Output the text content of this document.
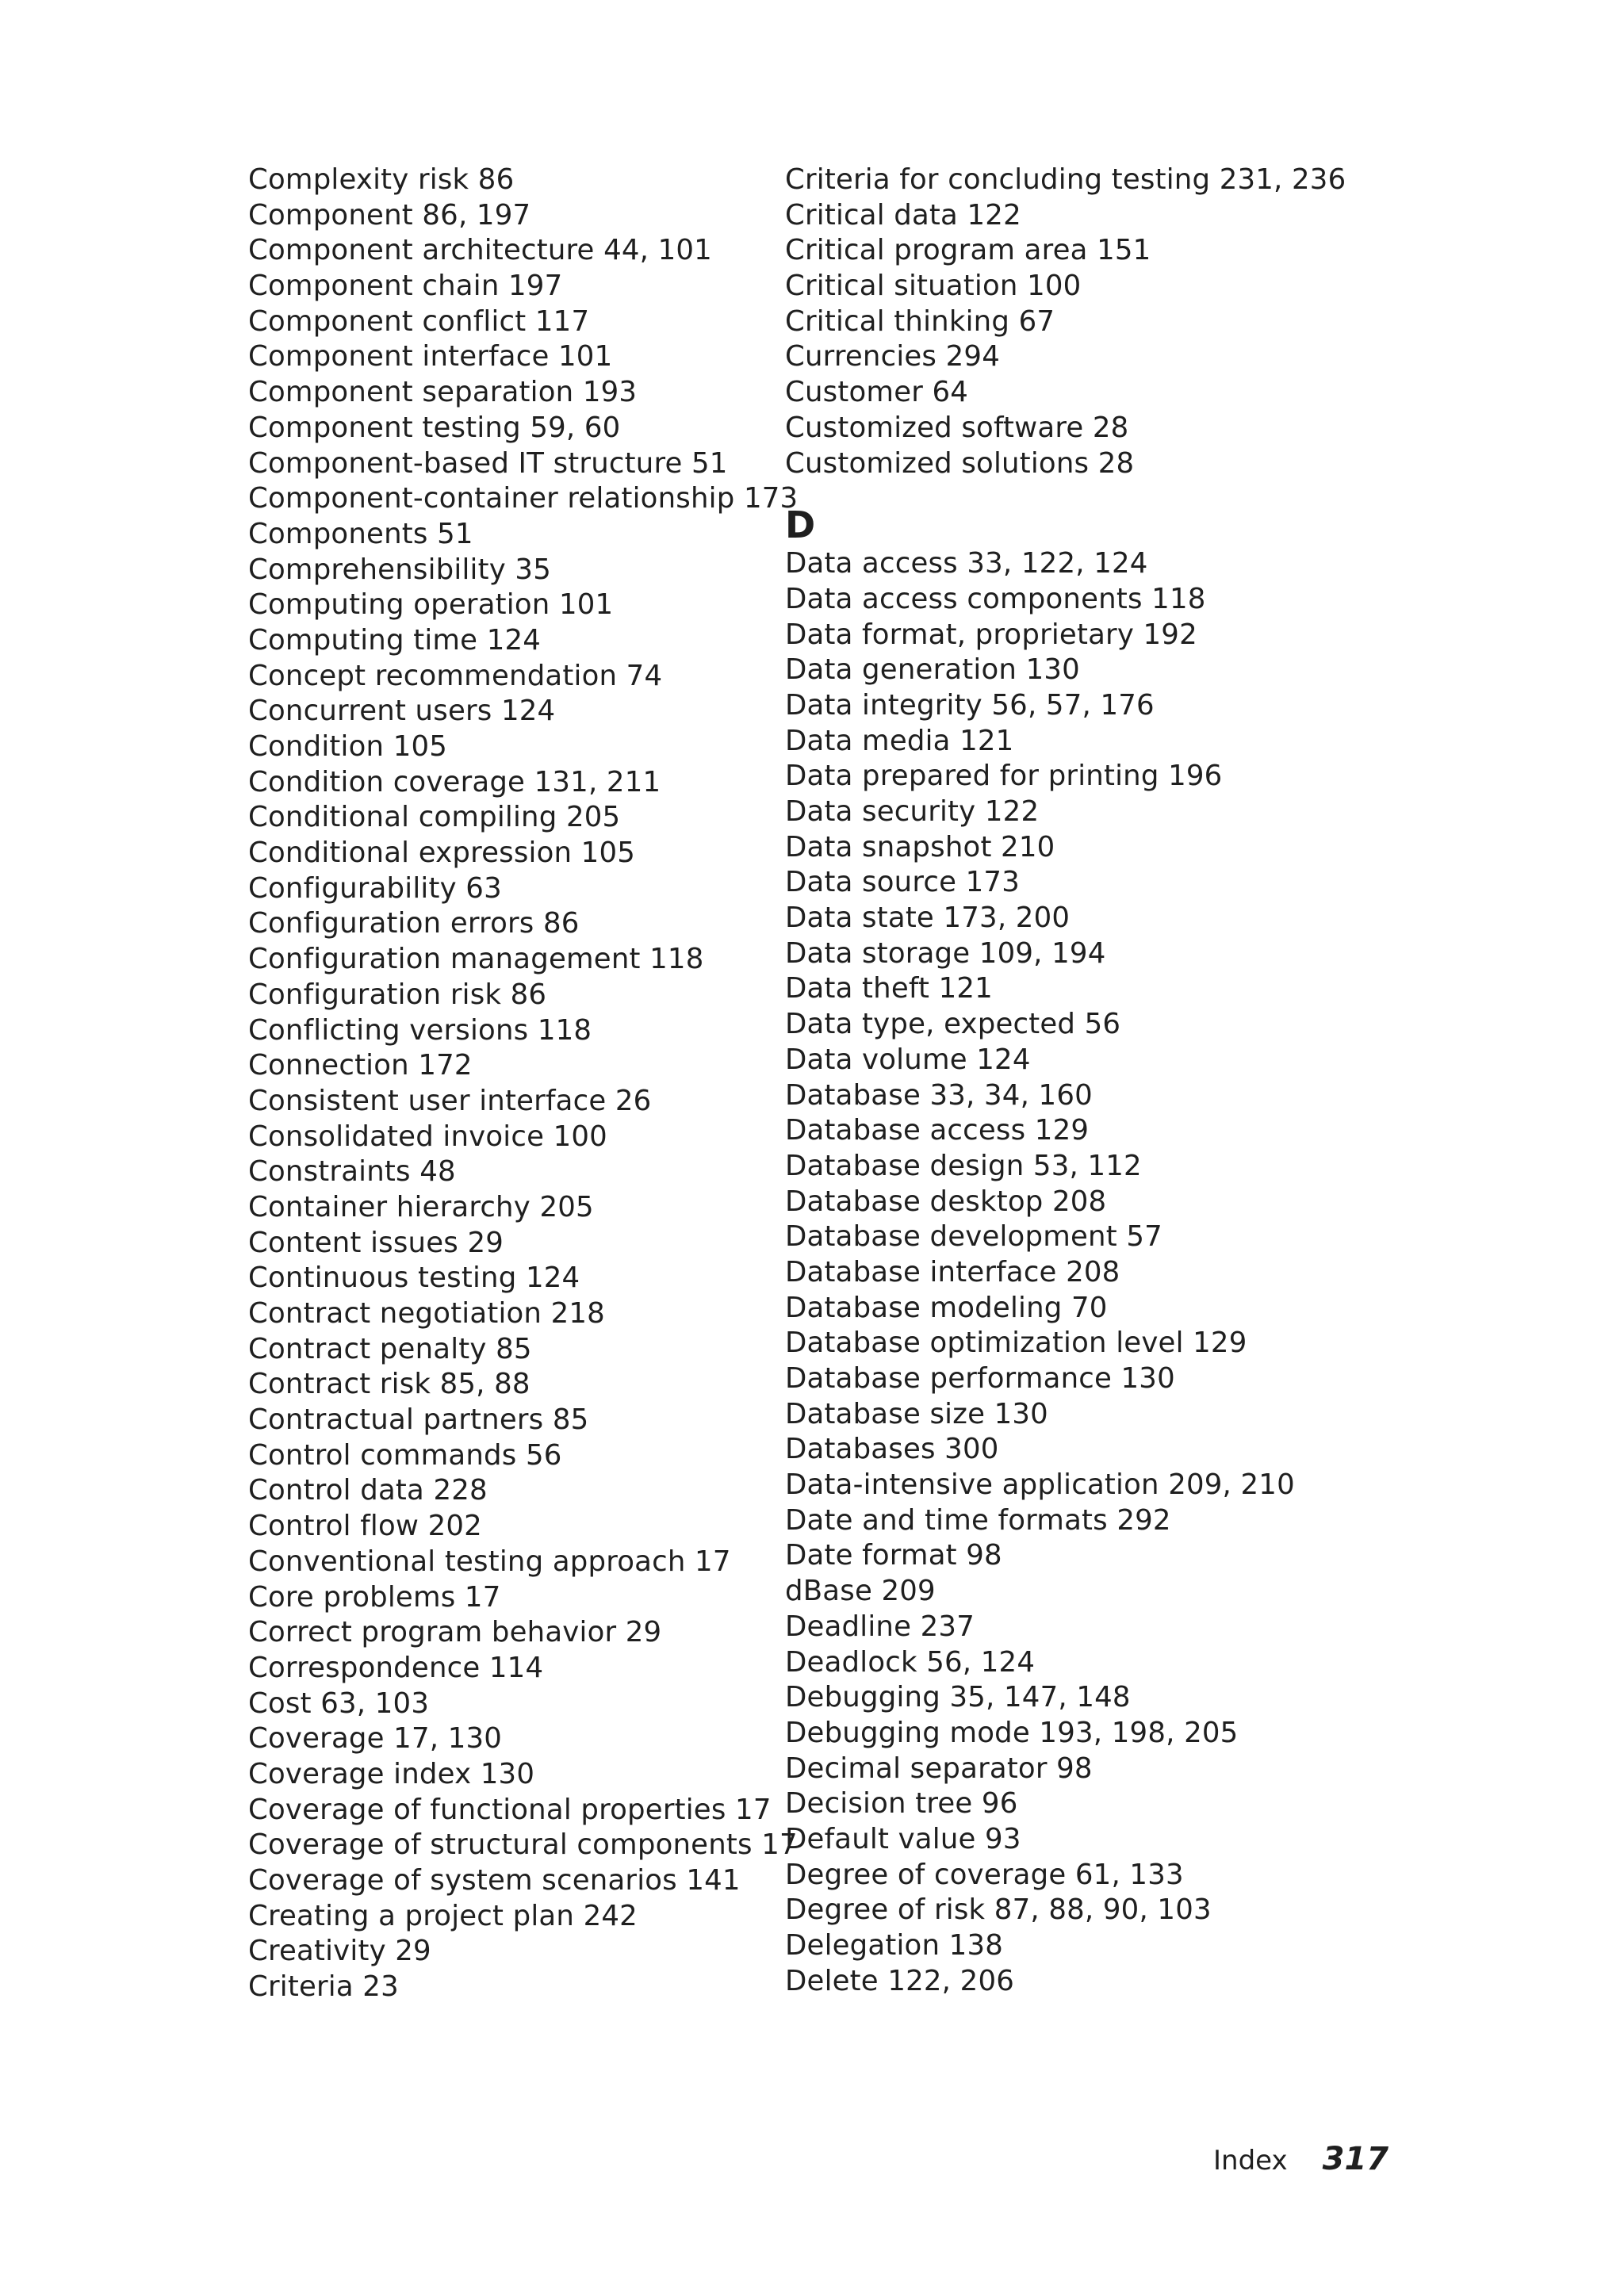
Complexity risk 86
Component 86, 197
Component architecture 44, 101
Component chain 197
Component conflict 117
Component interface 101
Component separation 193
Component testing 59, 60
Component-based IT structure 51
Component-container relationship 173
Components 51
Comprehensibility 35
Computing operation 101
Computing time 124
Concept recommendation 74
Concurrent users 124
Condition 105
Condition coverage 131, 211
Conditional compiling 205
Conditional expression 105
Configurability 63
Configuration errors 86
Configuration management 118
Configuration risk 86
Conflicting versions 118
Connection 172
Consistent user interface 26
Consolidated invoice 100
Constraints 48
Container hierarchy 205
Content issues 29
Continuous testing 124
Contract negotiation 218
Contract penalty 85
Contract risk 85, 88
Contractual partners 85
Control commands 56
Control data 228
Control flow 202
Conventional testing approach 17
Core problems 17
Correct program behavior 29
Correspondence 114
Cost 63, 103
Coverage 17, 130
Coverage index 130
Coverage of functional properties 17
Coverage of structural components 17
Coverage of system scenarios 141
Creating a project plan 242
Creativity 29
Criteria 23
Criteria for concluding testing 231, 236
Critical data 122
Critical program area 151
Critical situation 100
Critical thinking 67
Currencies 294
Customer 64
Customized software 28
Customized solutions 28
D
Data access 33, 122, 124
Data access components 118
Data format, proprietary 192
Data generation 130
Data integrity 56, 57, 176
Data media 121
Data prepared for printing 196
Data security 122
Data snapshot 210
Data source 173
Data state 173, 200
Data storage 109, 194
Data theft 121
Data type, expected 56
Data volume 124
Database 33, 34, 160
Database access 129
Database design 53, 112
Database desktop 208
Database development 57
Database interface 208
Database modeling 70
Database optimization level 129
Database performance 130
Database size 130
Databases 300
Data-intensive application 209, 210
Date and time formats 292
Date format 98
dBase 209
Deadline 237
Deadlock 56, 124
Debugging 35, 147, 148
Debugging mode 193, 198, 205
Decimal separator 98
Decision tree 96
Default value 93
Degree of coverage 61, 133
Degree of risk 87, 88, 90, 103
Delegation 138
Delete 122, 206
Index 317
